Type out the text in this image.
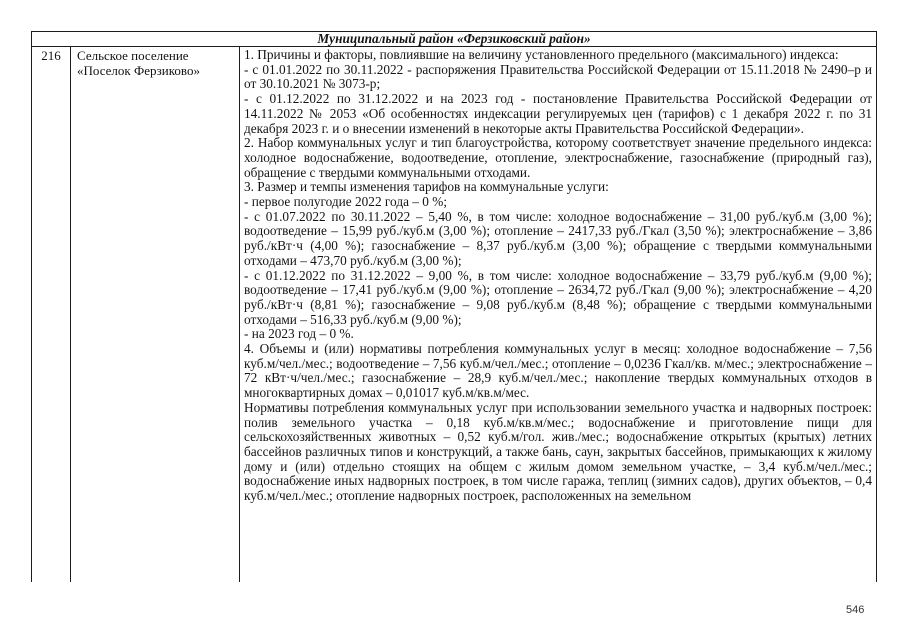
Муниципальный район «Ферзиковский район»
216	Сельское поселение
«Поселок Ферзиково»

1. Причины и факторы, повлиявшие на величину установленного предельного (максимального) индекса:

- с 01.01.2022 по 30.11.2022 - распоряжения Правительства Российской Федерации от 15.11.2018 № 2490–р и от 30.10.2021 № 3073-р;

- с 01.12.2022 по 31.12.2022 и на 2023 год - постановление Правительства Российской Федерации от 14.11.2022 № 2053 «Об особенностях индексации регулируемых цен (тарифов) с 1 декабря 2022 г. по 31 декабря 2023 г. и о внесении изменений в некоторые акты Правительства Российской Федерации».

2. Набор коммунальных услуг и тип благоустройства, которому соответствует значение предельного индекса: холодное водоснабжение, водоотведение, отопление, электроснабжение, газоснабжение (природный газ), обращение с твердыми коммунальными отходами.

3. Размер и темпы изменения тарифов на коммунальные услуги:

- первое полугодие 2022 года – 0 %;

- с 01.07.2022 по 30.11.2022 – 5,40 %, в том числе: холодное водоснабжение – 31,00 руб./куб.м (3,00 %); водоотведение – 15,99 руб./куб.м (3,00 %); отопление – 2417,33 руб./Гкал (3,50 %); электроснабжение – 3,86 руб./кВт·ч (4,00 %); газоснабжение – 8,37 руб./куб.м (3,00 %); обращение с твердыми коммунальными отходами – 473,70 руб./куб.м (3,00 %);

- с 01.12.2022 по 31.12.2022 – 9,00 %, в том числе: холодное водоснабжение – 33,79 руб./куб.м (9,00 %); водоотведение – 17,41 руб./куб.м (9,00 %); отопление – 2634,72 руб./Гкал (9,00 %); электроснабжение – 4,20 руб./кВт·ч (8,81 %); газоснабжение – 9,08 руб./куб.м (8,48 %); обращение с твердыми коммунальными отходами – 516,33 руб./куб.м (9,00 %);

- на 2023 год – 0 %.

4. Объемы и (или) нормативы потребления коммунальных услуг в месяц: холодное водоснабжение – 7,56 куб.м/чел./мес.; водоотведение – 7,56 куб.м/чел./мес.; отопление – 0,0236 Гкал/кв. м/мес.; электроснабжение – 72 кВт·ч/чел./мес.; газоснабжение – 28,9 куб.м/чел./мес.; накопление твердых коммунальных отходов в многоквартирных домах – 0,01017 куб.м/кв.м/мес.

Нормативы потребления коммунальных услуг при использовании земельного участка и надворных построек: полив земельного участка – 0,18 куб.м/кв.м/мес.; водоснабжение и приготовление пищи для сельскохозяйственных животных – 0,52 куб.м/гол. жив./мес.; водоснабжение открытых (крытых) летних бассейнов различных типов и конструкций, а также бань, саун, закрытых бассейнов, примыкающих к жилому дому и (или) отдельно стоящих на общем с жилым домом земельном участке, – 3,4 куб.м/чел./мес.; водоснабжение иных надворных построек, в том числе гаража, теплиц (зимних садов), других объектов, – 0,4 куб.м/чел./мес.; отопление надворных построек, расположенных на земельном

546
